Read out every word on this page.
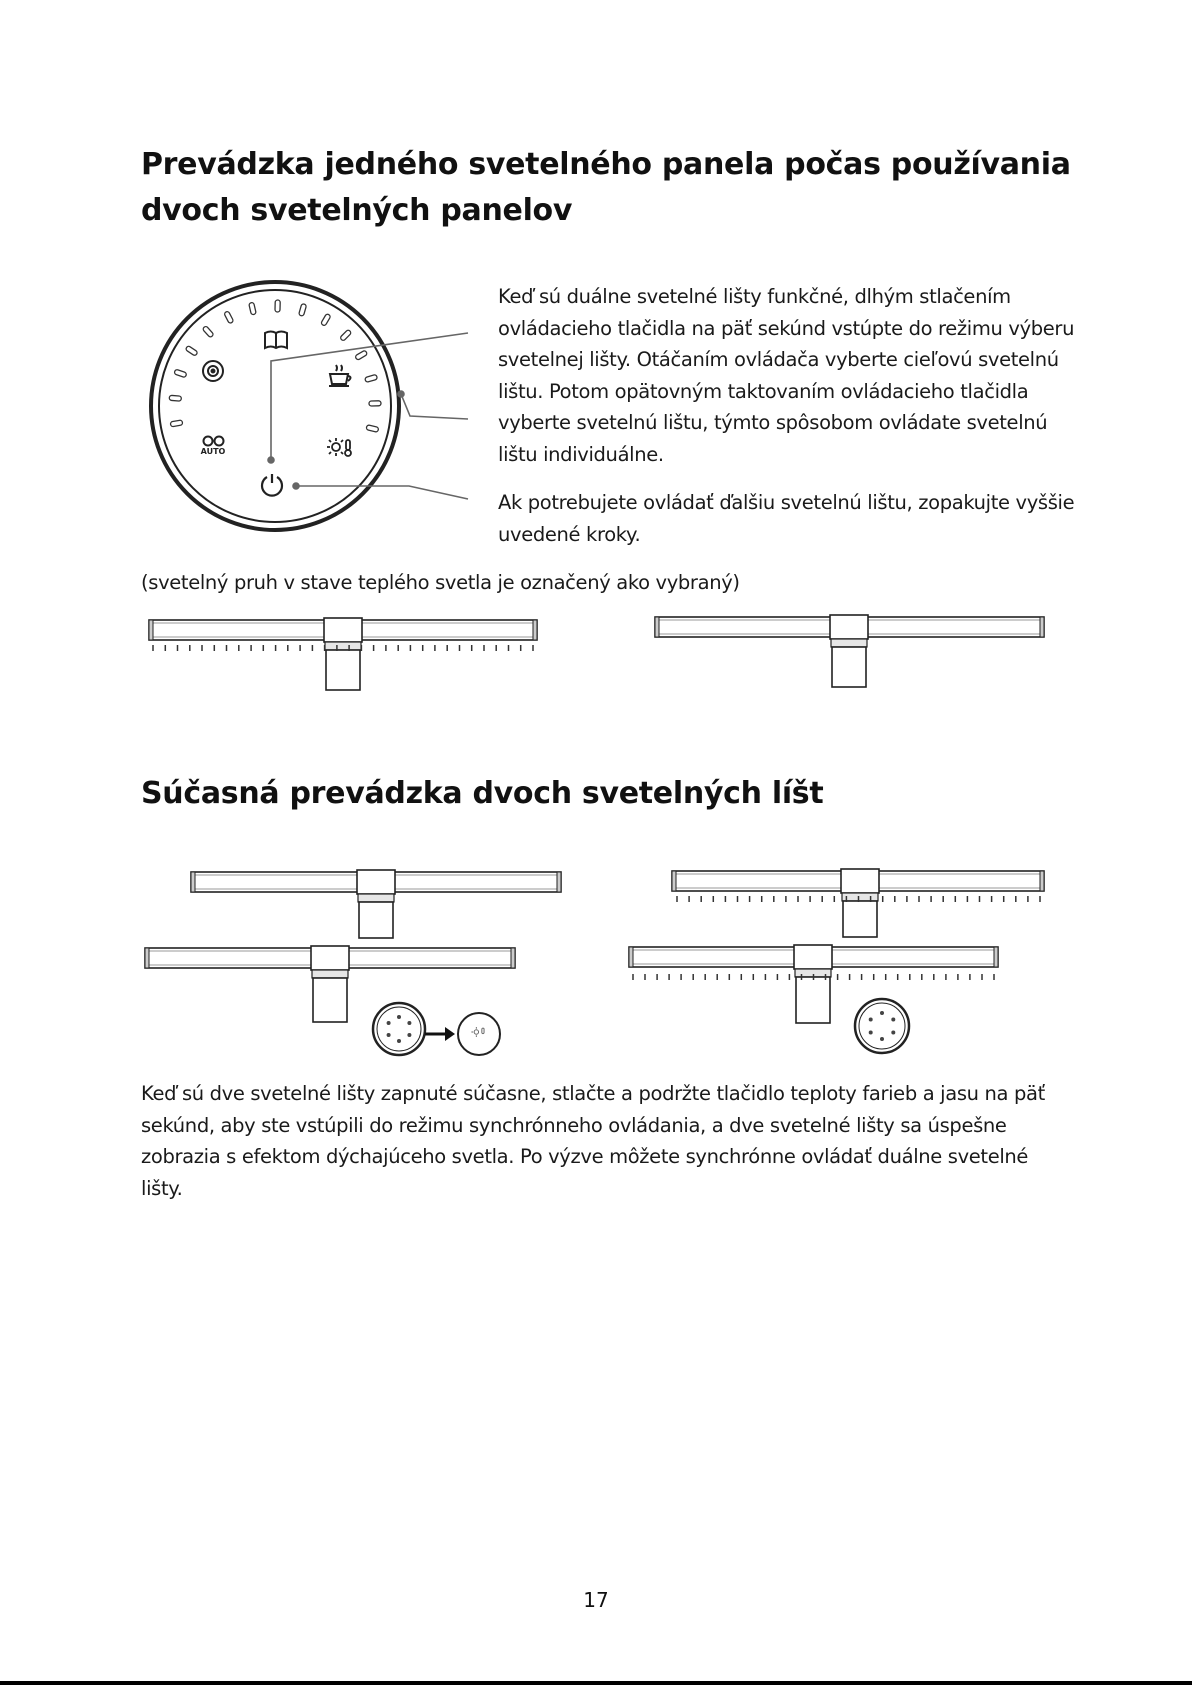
Prevádzka jedného svetelného panela počas používania dvoch svetelných panelov
AUTO

Keď sú duálne svetelné lišty funkčné, dlhým stlačením ovládacieho tlačidla na päť sekúnd vstúpte do režimu výberu svetelnej lišty. Otáčaním ovládača vyberte cieľovú svetelnú lištu. Potom opätovným taktovaním ovládacieho tlačidla vyberte svetelnú lištu, týmto spôsobom ovládate svetelnú lištu individuálne.

Ak potrebujete ovládať ďalšiu svetelnú lištu, zopakujte vyššie uvedené kroky.

(svetelný pruh v stave teplého svetla je označený ako vybraný)

Súčasná prevádzka dvoch svetelných líšt

Keď sú dve svetelné lišty zapnuté súčasne, stlačte a podržte tlačidlo teploty farieb a jasu na päť sekúnd, aby ste vstúpili do režimu synchrónneho ovládania, a dve svetelné lišty sa úspešne zobrazia s efektom dýchajúceho svetla. Po výzve môžete synchrónne ovládať duálne svetelné lišty.

17
